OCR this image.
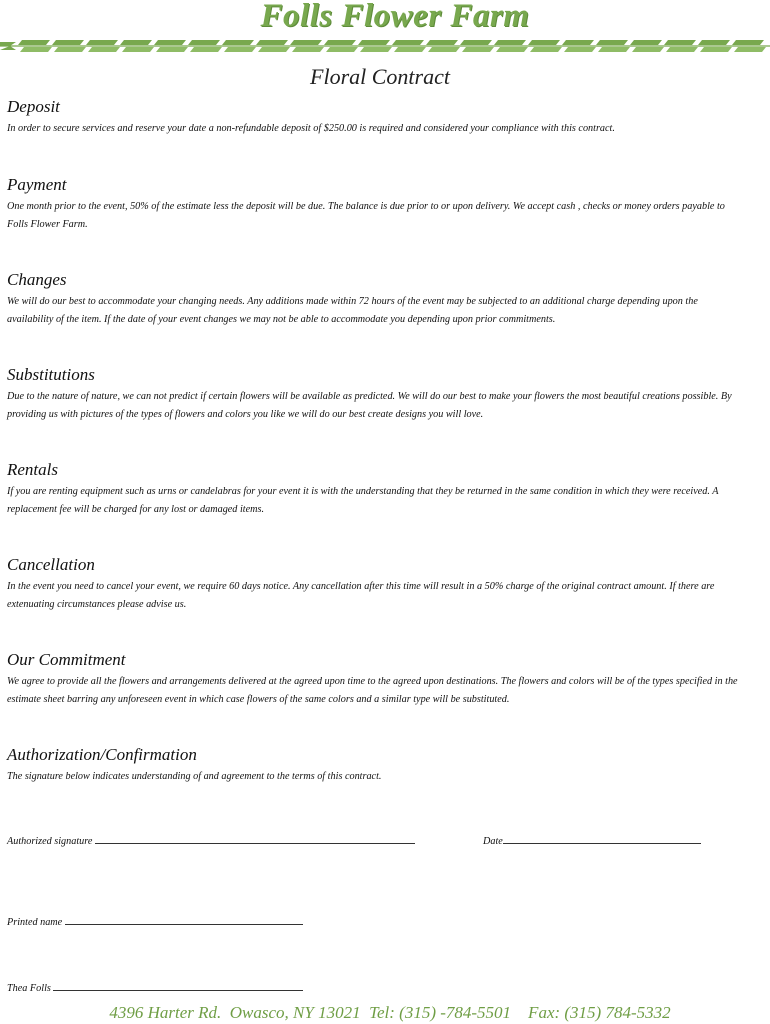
Folls Flower Farm
Floral Contract
Deposit

In order to secure services and reserve your date a non-refundable deposit of $250.00 is required and considered your compliance with this contract.

Payment

One month prior to the event, 50% of the estimate less the deposit will be due. The balance is due prior to or upon delivery. We accept cash , checks or money orders payable to Folls Flower Farm.

Changes

We will do our best to accommodate your changing needs. Any additions made within 72 hours of the event may be subjected to an additional charge depending upon the availability of the item. If the date of your event changes we may not be able to accommodate you depending upon prior commitments.

Substitutions

Due to the nature of nature, we can not predict if certain flowers will be available as predicted. We will do our best to make your flowers the most beautiful creations possible. By providing us with pictures of the types of flowers and colors you like we will do our best create designs you will love.

Rentals

If you are renting equipment such as urns or candelabras for your event it is with the understanding that they be returned in the same condition in which they were received. A replacement fee will be charged for any lost or damaged items.

Cancellation

In the event you need to cancel your event, we require 60 days notice. Any cancellation after this time will result in a 50% charge of the original contract amount. If there are extenuating circumstances please advise us.

Our Commitment

We agree to provide all the flowers and arrangements delivered at the agreed upon time to the agreed upon destinations. The flowers and colors will be of the types specified in the estimate sheet barring any unforeseen event in which case flowers of the same colors and a similar type will be substituted.

Authorization/Confirmation

The signature below indicates understanding of and agreement to the terms of this contract.

Authorized signature	Date
Printed name
Thea Folls
4396 Harter Rd.  Owasco, NY 13021  Tel: (315) -784-5501    Fax: (315) 784-5332
